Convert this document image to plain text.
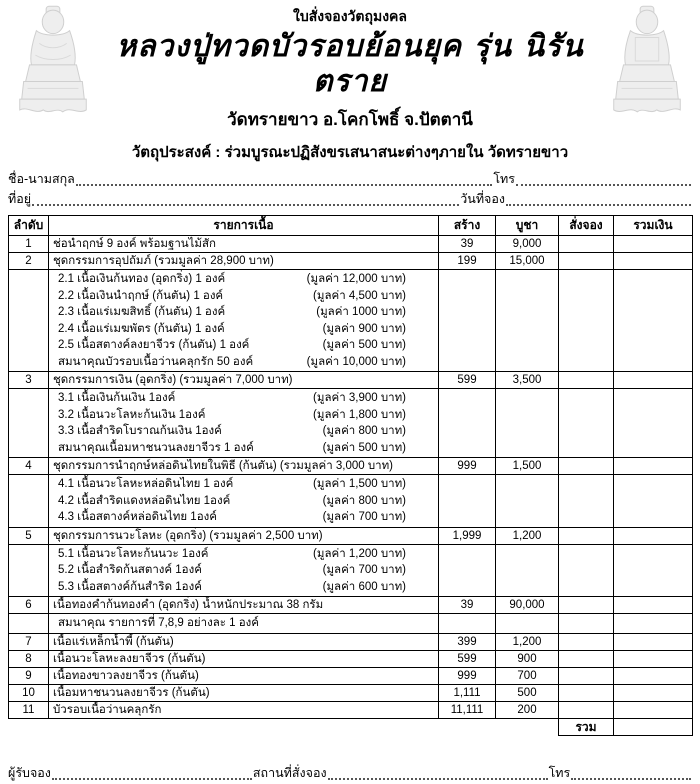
ใบสั่งจองวัตถุมงคล
หลวงปู่ทวดบัวรอบย้อนยุค รุ่น นิรันตราย
วัดทรายขาว อ.โคกโพธิ์ จ.ปัตตานี
วัตถุประสงค์ : ร่วมบูรณะปฏิสังขรเสนาสนะต่างๆภายใน วัดทรายขาว
ชื่อ-นามสกุล	โทร
ที่อยู่	วันที่จอง
ลำดับ	รายการเนื้อ	สร้าง	บูชา	สั่งจอง	รวมเงิน
1	ช่อนำฤกษ์ 9 องค์ พร้อมฐานไม้สัก	39	9,000		
2	ชุดกรรมการอุปถัมภ์ (รวมมูลค่า 28,900 บาท)	199	15,000		

2.1 เนื้อเงินก้นทอง (อุดกริ่ง) 1 องค์	(มูลค่า 12,000 บาท)
2.2 เนื้อเงินนำฤกษ์ (ก้นตัน) 1 องค์	(มูลค่า 4,500 บาท)
2.3 เนื้อแร่เมฆสิทธิ์ (ก้นตัน) 1 องค์	(มูลค่า 1000 บาท)
2.4 เนื้อแร่เมฆพัตร (ก้นตัน) 1 องค์	(มูลค่า 900 บาท)
2.5 เนื้อสตางค์ลงยาจีวร (ก้นตัน) 1 องค์	(มูลค่า 500 บาท)
สมนาคุณบัวรอบเนื้อว่านคลุกรัก 50 องค์	(มูลค่า 10,000 บาท)

3	ชุดกรรมการเงิน (อุดกริ่ง) (รวมมูลค่า 7,000 บาท)	599	3,500		

3.1 เนื้อเงินก้นเงิน 1องค์	(มูลค่า 3,900 บาท)
3.2 เนื้อนวะโลหะก้นเงิน 1องค์	(มูลค่า 1,800 บาท)
3.3 เนื้อสำริดโบราณก้นเงิน 1องค์	(มูลค่า 800 บาท)
สมนาคุณเนื้อมหาชนวนลงยาจีวร 1 องค์	(มูลค่า 500 บาท)

4	ชุดกรรมการนำฤกษ์หล่อดินไทยในพิธี (ก้นตัน) (รวมมูลค่า 3,000 บาท)	999	1,500		

4.1 เนื้อนวะโลหะหล่อดินไทย 1 องค์	(มูลค่า 1,500 บาท)
4.2 เนื้อสำริดแดงหล่อดินไทย 1องค์	(มูลค่า 800 บาท)
4.3 เนื้อสตางค์หล่อดินไทย 1องค์	(มูลค่า 700 บาท)

5	ชุดกรรมการนวะโลหะ (อุดกริ่ง) (รวมมูลค่า 2,500 บาท)	1,999	1,200		

5.1 เนื้อนวะโลหะก้นนวะ 1องค์	(มูลค่า 1,200 บาท)
5.2 เนื้อสำริดก้นสตางค์ 1องค์	(มูลค่า 700 บาท)
5.3 เนื้อสตางค์ก้นสำริด 1องค์	(มูลค่า 600 บาท)

6	เนื้อทองคำก้นทองคำ (อุดกริ่ง) น้ำหนักประมาณ 38 กรัม	39	90,000		

	สมนาคุณ รายการที่ 7,8,9 อย่างละ 1 องค์				

7	เนื้อแร่เหล็กน้ำพี้ (ก้นตัน)	399	1,200		
8	เนื้อนวะโลหะลงยาจีวร (ก้นตัน)	599	900		
9	เนื้อทองขาวลงยาจีวร (ก้นตัน)	999	700		
10	เนื้อมหาชนวนลงยาจีวร (ก้นตัน)	1,111	500		
11	บัวรอบเนื้อว่านคลุกรัก	11,111	200		
				รวม	
ผู้รับจอง	สถานที่สั่งจอง	โทร
